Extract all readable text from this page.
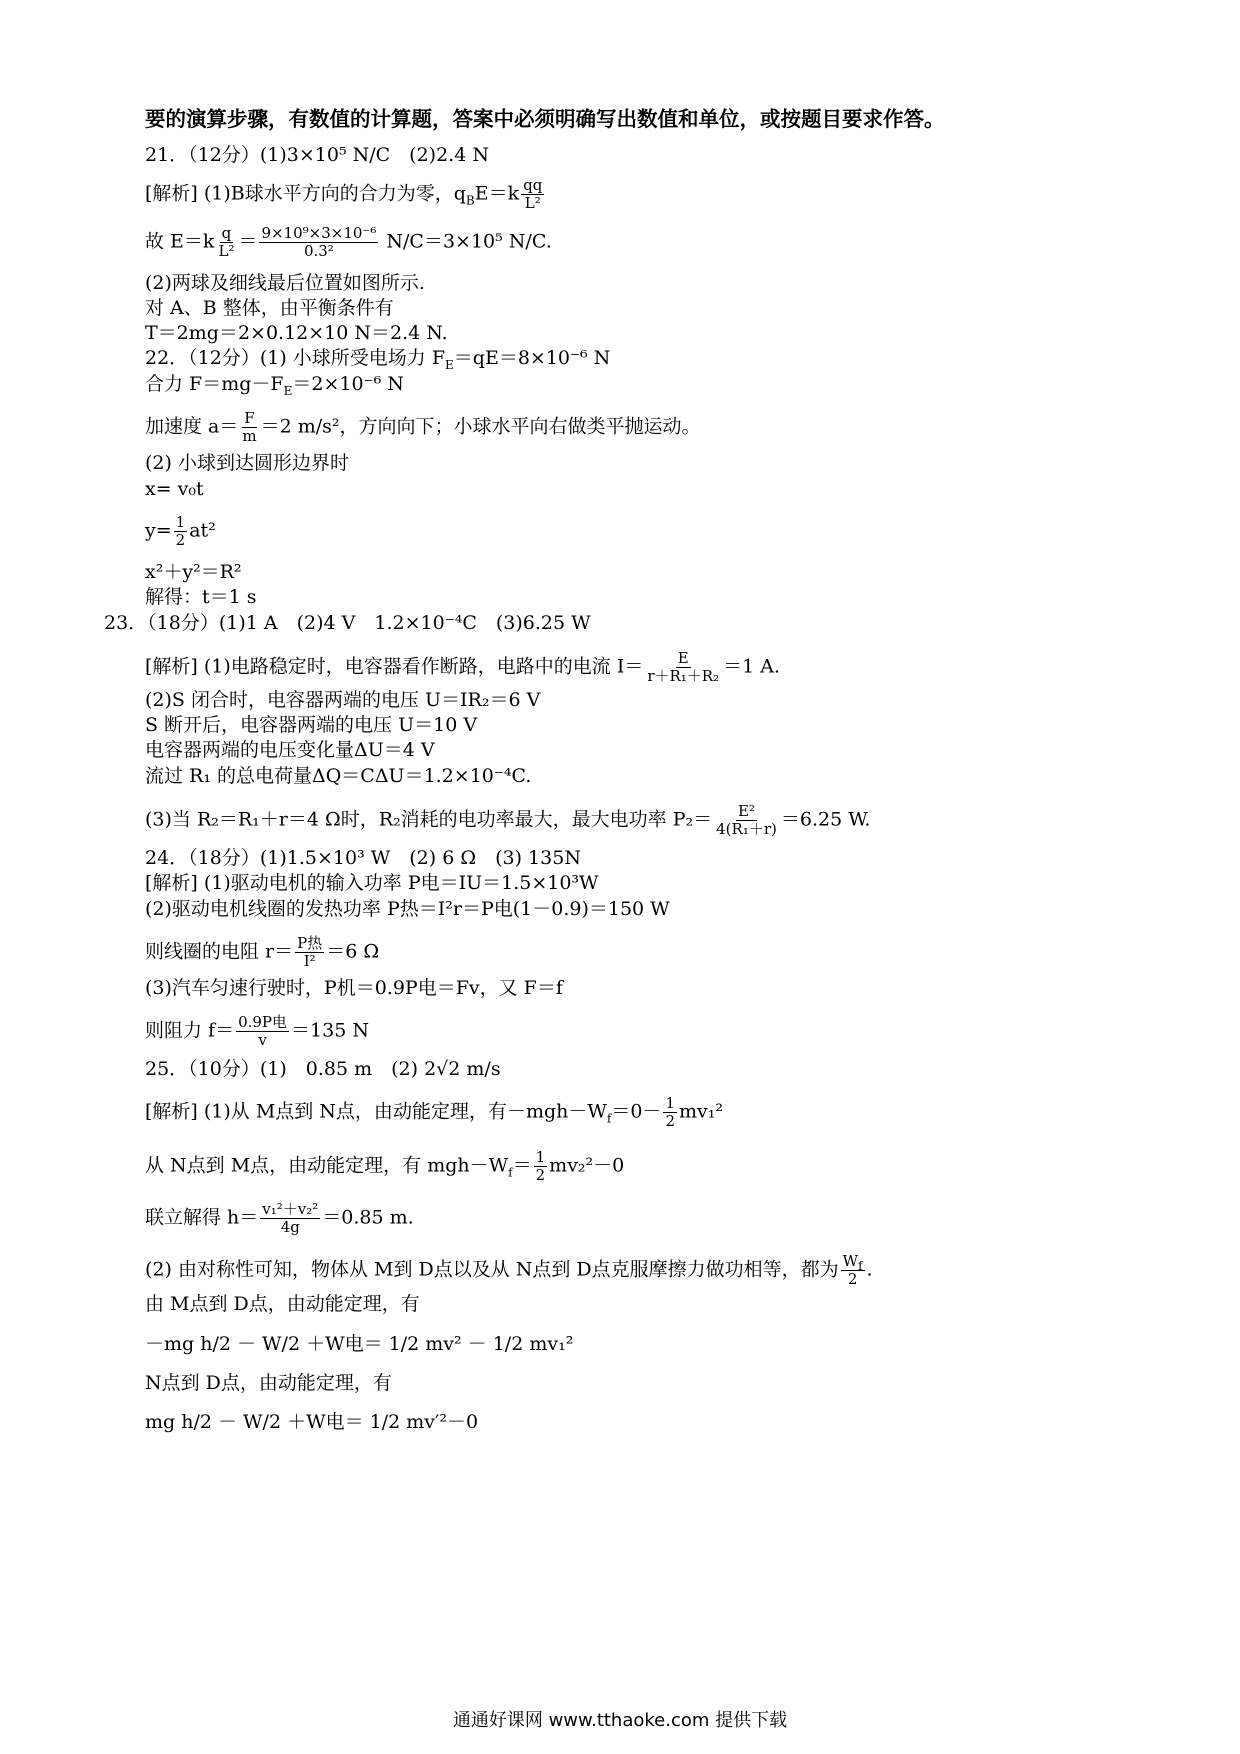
要的演算步骤，有数值的计算题，答案中必须明确写出数值和单位，或按题目要求作答。
21．（12分）(1)3×10⁵ N/C　(2)2.4 N
[解析] (1)B球水平方向的合力为零，$q_BE=k \frac{qq}{\text{L²}}$
故 $E=k \frac{q}{\text{L²}} = \frac{\text{9×10⁹×3×10⁻⁶}}{\text{0.3²}} N/C=3\times 10^5$ N/C.
(2)两球及细线最后位置如图所示.
对 A、B 整体，由平衡条件有
T＝2mg＝2×0.12×10 N＝2.4 N.
22．（12分）(1) 小球所受电场力 $F_E=qE=8\times 10^{-6}$ N
合力 $F=mg-F_E=2\times 10^{-6}$ N
加速度 $a= \frac{F}{m} =2$ m/s²，方向向下；小球水平向右做类平抛运动。
(2) 小球到达圆形边界时
x= v₀t
$y= \frac{1}{2} at^2$
x²＋y²＝R²
解得：t＝1 s
23．（18分）(1)1 A　(2)4 V　1.2×10⁻⁴C　(3)6.25 W
[解析] (1)电路稳定时，电容器看作断路，电路中的电流 $I= \frac{E}{\text{r＋R₁＋R₂}} =1$ A.
(2)S 闭合时，电容器两端的电压 U＝IR₂＝6 V
S 断开后，电容器两端的电压 U＝10 V
电容器两端的电压变化量ΔU＝4 V
流过 R₁ 的总电荷量ΔQ＝CΔU＝1.2×10⁻⁴C.
(3)当 R₂＝R₁＋r＝4 Ω时，R₂消耗的电功率最大，最大电功率 $P_2= \frac{\text{E²}}{\text{4(R₁＋r)}} =6.25$ W.
24．（18分）(1)1.5×10³ W　(2) 6 Ω　(3) 135N
[解析] (1)驱动电机的输入功率 P电＝IU＝1.5×10³W
(2)驱动电机线圈的发热功率 P热＝I²r＝P电(1－0.9)＝150 W
则线圈的电阻 $r= \frac{\text{P热}}{\text{I²}} =6$ Ω
(3)汽车匀速行驶时，P机＝0.9P电＝Fv，又 F＝f
则阻力 $f= \frac{\text{0.9P电}}{v} =135$ N
25．（10分）(1)　0.85 m　(2) 2√2 m/s
[解析] (1)从 M点到 N点，由动能定理，有$-mgh-W_f=0- \frac{1}{2} mv_1^2$
从 N点到 M点，由动能定理，有 $mgh-W_f= \frac{1}{2} mv_2^2-0$
联立解得 $h= \frac{\text{v₁²＋v₂²}}{4g} =0.85$ m.
(2) 由对称性可知，物体从 M到 D点以及从 N点到 D点克服摩擦力做功相等，都为 $\frac{W_f}{2}$ .
由 M点到 D点，由动能定理，有
－mg h/2 － W/2 ＋W电＝ 1/2 mv² － 1/2 mv₁²
N点到 D点，由动能定理，有
mg h/2 － W/2 ＋W电＝ 1/2 mv′²－0
通通好课网 www.tthaoke.com 提供下载
